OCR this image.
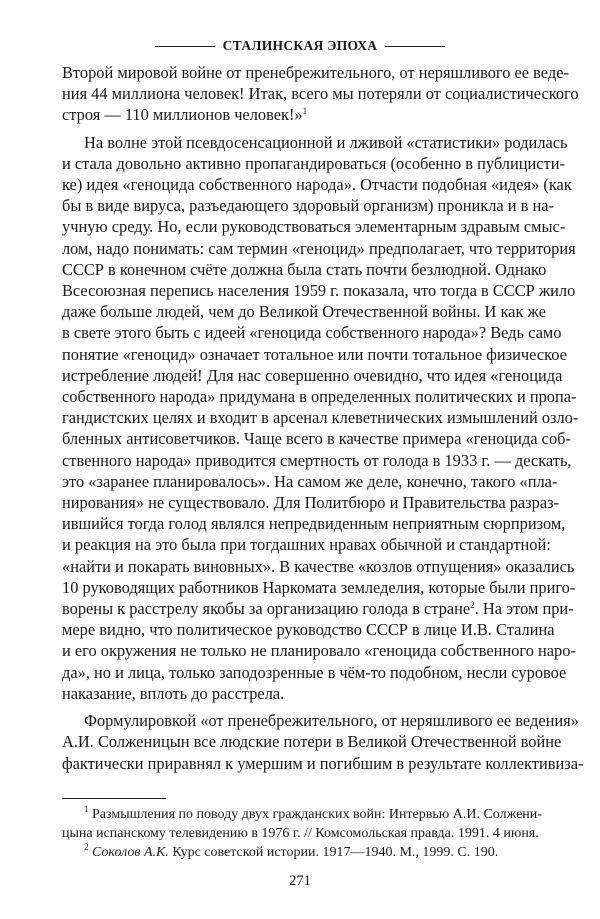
СТАЛИНСКАЯ ЭПОХА
Второй мировой войне от пренебрежительного, от неряшливого ее веде-
ния 44 миллиона человек! Итак, всего мы потеряли от социалистического
строя — 110 миллионов человек!»$^1$
На волне этой псевдосенсационной и лживой «статистики» родилась
и стала довольно активно пропагандироваться (особенно в публицисти-
ке) идея «геноцида собственного народа». Отчасти подобная «идея» (как
бы в виде вируса, разъедающего здоровый организм) проникла и в на-
учную среду. Но, если руководствоваться элементарным здравым смыс-
лом, надо понимать: сам термин «геноцид» предполагает, что территория
СССР в конечном счёте должна была стать почти безлюдной. Однако
Всесоюзная перепись населения 1959 г. показала, что тогда в СССР жило
даже больше людей, чем до Великой Отечественной войны. И как же
в свете этого быть с идеей «геноцида собственного народа»? Ведь само
понятие «геноцид» означает тотальное или почти тотальное физическое
истребление людей! Для нас совершенно очевидно, что идея «геноцида
собственного народа» придумана в определенных политических и пропа-
гандистских целях и входит в арсенал клеветнических измышлений озло-
бленных антисоветчиков. Чаще всего в качестве примера «геноцида соб-
ственного народа» приводится смертность от голода в 1933 г. — дескать,
это «заранее планировалось». На самом же деле, конечно, такого «пла-
нирования» не существовало. Для Политбюро и Правительства разраз-
ившийся тогда голод являлся непредвиденным неприятным сюрпризом,
и реакция на это была при тогдашних нравах обычной и стандартной:
«найти и покарать виновных». В качестве «козлов отпущения» оказались
10 руководящих работников Наркомата земледелия, которые были приго-
ворены к расстрелу якобы за организацию голода в стране$^2$. На этом при-
мере видно, что политическое руководство СССР в лице И.В. Сталина
и его окружения не только не планировало «геноцида собственного наро-
да», но и лица, только заподозренные в чём-то подобном, несли суровое
наказание, вплоть до расстрела.
Формулировкой «от пренебрежительного, от неряшливого ее ведения»
А.И. Солженицын все людские потери в Великой Отечественной войне
фактически приравнял к умершим и погибшим в результате коллективиза-
$^1$ Размышления по поводу двух гражданских войн: Интервью А.И. Солжени-
цына испанскому телевидению в 1976 г. // Комсомольская правда. 1991. 4 июня.
$^2$ Соколов А.К. Курс советской истории. 1917—1940. М., 1999. С. 190.
271
